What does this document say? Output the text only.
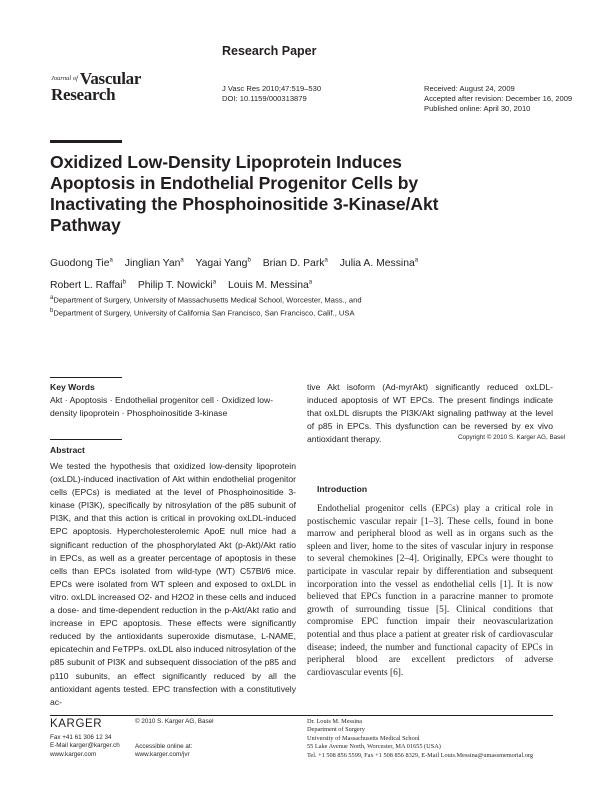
Research Paper
Journal of Vascular
Research	J Vasc Res 2010;47:519–530
DOI: 10.1159/000313879
Received: August 24, 2009
Accepted after revision: December 16, 2009
Published online: April 30, 2010
Oxidized Low-Density Lipoprotein Induces Apoptosis in Endothelial Progenitor Cells by Inactivating the Phosphoinositide 3-Kinase/Akt Pathway
Guodong Tie$^a$ Jinglian Yan$^a$ Yagai Yang$^b$ Brian D. Park$^a$ Julia A. Messina$^a$
Robert L. Raffai$^b$ Philip T. Nowicki$^a$ Louis M. Messina$^a$
$^a$Department of Surgery, University of Massachusetts Medical School, Worcester, Mass., and
$^b$Department of Surgery, University of California San Francisco, San Francisco, Calif., USA
Key Words
Akt · Apoptosis · Endothelial progenitor cell · Oxidized low-density lipoprotein · Phosphoinositide 3-kinase
Abstract
We tested the hypothesis that oxidized low-density lipoprotein (oxLDL)-induced inactivation of Akt within endothelial progenitor cells (EPCs) is mediated at the level of Phosphoinositide 3-kinase (PI3K), specifically by nitrosylation of the p85 subunit of PI3K, and that this action is critical in provoking oxLDL-induced EPC apoptosis. Hypercholesterolemic ApoE null mice had a significant reduction of the phosphorylated Akt (p-Akt)/Akt ratio in EPCs, as well as a greater percentage of apoptosis in these cells than EPCs isolated from wild-type (WT) C57Bl/6 mice. EPCs were isolated from WT spleen and exposed to oxLDL in vitro. oxLDL increased O2- and H2O2 in these cells and induced a dose- and time-dependent reduction in the p-Akt/Akt ratio and increase in EPC apoptosis. These effects were significantly reduced by the antioxidants superoxide dismutase, L-NAME, epicatechin and FeTPPs. oxLDL also induced nitrosylation of the p85 subunit of PI3K and subsequent dissociation of the p85 and p110 subunits, an effect significantly reduced by all the antioxidant agents tested. EPC transfection with a constitutively ac-
tive Akt isoform (Ad-myrAkt) significantly reduced oxLDL-induced apoptosis of WT EPCs. The present findings indicate that oxLDL disrupts the PI3K/Akt signaling pathway at the level of p85 in EPCs. This dysfunction can be reversed by ex vivo antioxidant therapy.	Copyright © 2010 S. Karger AG, Basel
Introduction
Endothelial progenitor cells (EPCs) play a critical role in postischemic vascular repair [1–3]. These cells, found in bone marrow and peripheral blood as well as in organs such as the spleen and liver, home to the sites of vascular injury in response to several chemokines [2–4]. Originally, EPCs were thought to participate in vascular repair by differentiation and subsequent incorporation into the vessel as endothelial cells [1]. It is now believed that EPCs function in a paracrine manner to promote growth of surrounding tissue [5]. Clinical conditions that compromise EPC function impair their neovascularization potential and thus place a patient at greater risk of cardiovascular disease; indeed, the number and functional capacity of EPCs in peripheral blood are excellent predictors of adverse cardiovascular events [6].
KARGER
Fax +41 61 306 12 34
E-Mail karger@karger.ch
www.karger.com
© 2010 S. Karger AG, Basel
Accessible online at:
www.karger.com/jvr
Dr. Louis M. Messina
Department of Surgery
University of Massachusetts Medical School
55 Lake Avenue North, Worcester, MA 01655 (USA)
Tel. +1 508 856 5599, Fax +1 508 856 8329, E-Mail Louis.Messina@umassmemorial.org
